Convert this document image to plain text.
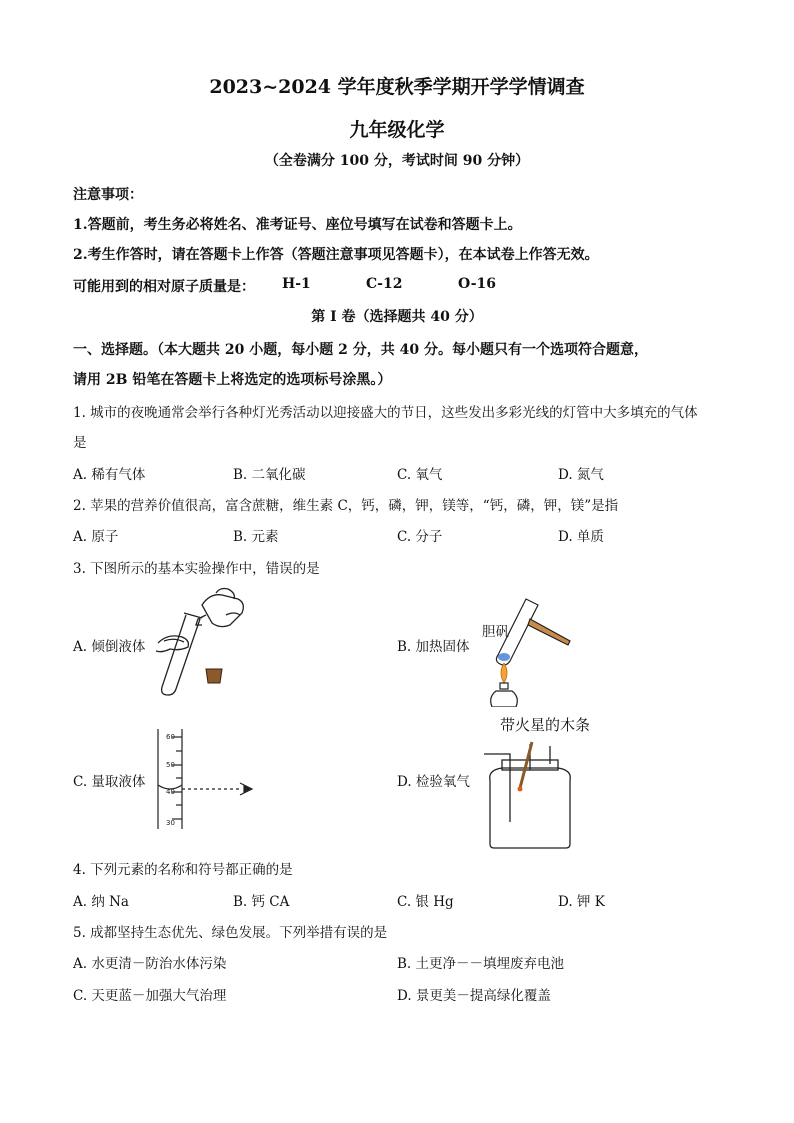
2023~2024 学年度秋季学期开学学情调查
九年级化学
（全卷满分 100 分，考试时间 90 分钟）
注意事项：
1.答题前，考生务必将姓名、准考证号、座位号填写在试卷和答题卡上。
2.考生作答时，请在答题卡上作答（答题注意事项见答题卡），在本试卷上作答无效。
可能用到的相对原子质量是： H-1	C-12	O-16
第 I 卷（选择题共 40 分）
一、选择题。（本大题共 20 小题，每小题 2 分，共 40 分。每小题只有一个选项符合题意，
请用 2B 铅笔在答题卡上将选定的选项标号涂黑。）
1. 城市的夜晚通常会举行各种灯光秀活动以迎接盛大的节日，这些发出多彩光线的灯管中大多填充的气体
是
A. 稀有气体	B. 二氧化碳	C. 氧气	D. 氮气
2. 苹果的营养价值很高，富含蔗糖，维生素 C，钙，磷，钾，镁等，“钙，磷，钾，镁”是指
A. 原子	B. 元素	C. 分子	D. 单质
3. 下图所示的基本实验操作中，错误的是
A. 倾倒液体	B. 加热固体
胆矾
C. 量取液体
60
50
40
30
带火星的木条
D. 检验氧气
4. 下列元素的名称和符号都正确的是
A. 纳 Na	B. 钙 CA	C. 银 Hg	D. 钾 K
5. 成都坚持生态优先、绿色发展。下列举措有误的是
A. 水更清－防治水体污染	B. 土更净－－填埋废弃电池
C. 天更蓝－加强大气治理	D. 景更美－提高绿化覆盖
